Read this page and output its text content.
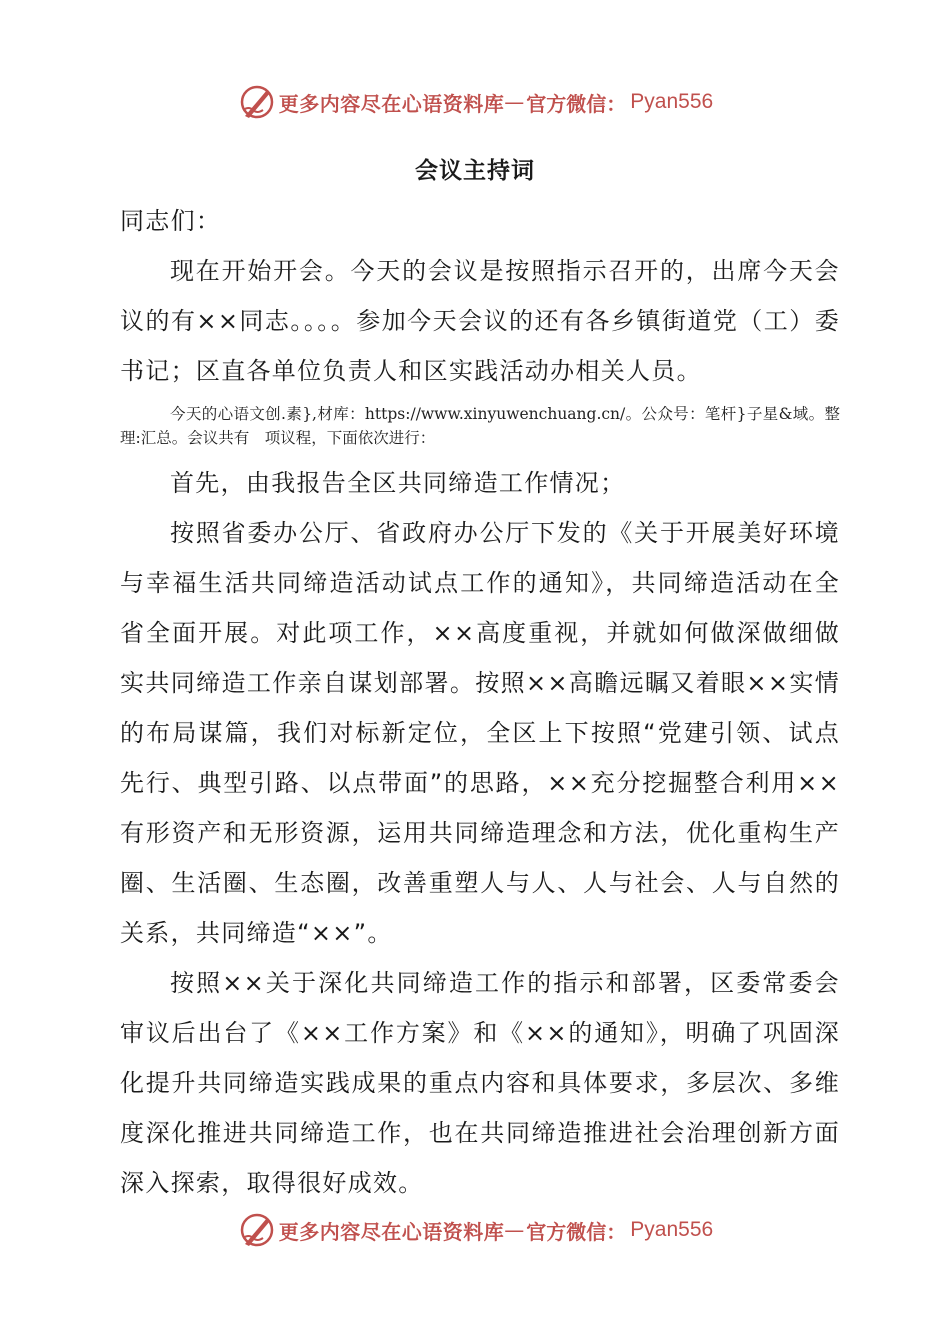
更多内容尽在心语资料库 — 官方微信： Pyan556
会议主持词

同志们：

现在开始开会。今天的会议是按照指示召开的，出席今天会议的有××同志。。。。参加今天会议的还有各乡镇街道党（工）委书记；区直各单位负责人和区实践活动办相关人员。

今天的心语文创.素},材库：https://www.xinyuwenchuang.cn/。公众号：笔杆}子星&域。整理:汇总。会议共有　项议程，下面依次进行：

首先，由我报告全区共同缔造工作情况；

按照省委办公厅、省政府办公厅下发的《关于开展美好环境与幸福生活共同缔造活动试点工作的通知》，共同缔造活动在全省全面开展。对此项工作，××高度重视，并就如何做深做细做实共同缔造工作亲自谋划部署。按照××高瞻远瞩又着眼××实情的布局谋篇，我们对标新定位，全区上下按照“党建引领、试点先行、典型引路、以点带面”的思路，××充分挖掘整合利用××有形资产和无形资源，运用共同缔造理念和方法，优化重构生产圈、生活圈、生态圈，改善重塑人与人、人与社会、人与自然的关系，共同缔造“××”。

按照××关于深化共同缔造工作的指示和部署，区委常委会审议后出台了《××工作方案》和《××的通知》，明确了巩固深化提升共同缔造实践成果的重点内容和具体要求，多层次、多维度深化推进共同缔造工作，也在共同缔造推进社会治理创新方面深入探索，取得很好成效。

更多内容尽在心语资料库 — 官方微信： Pyan556
